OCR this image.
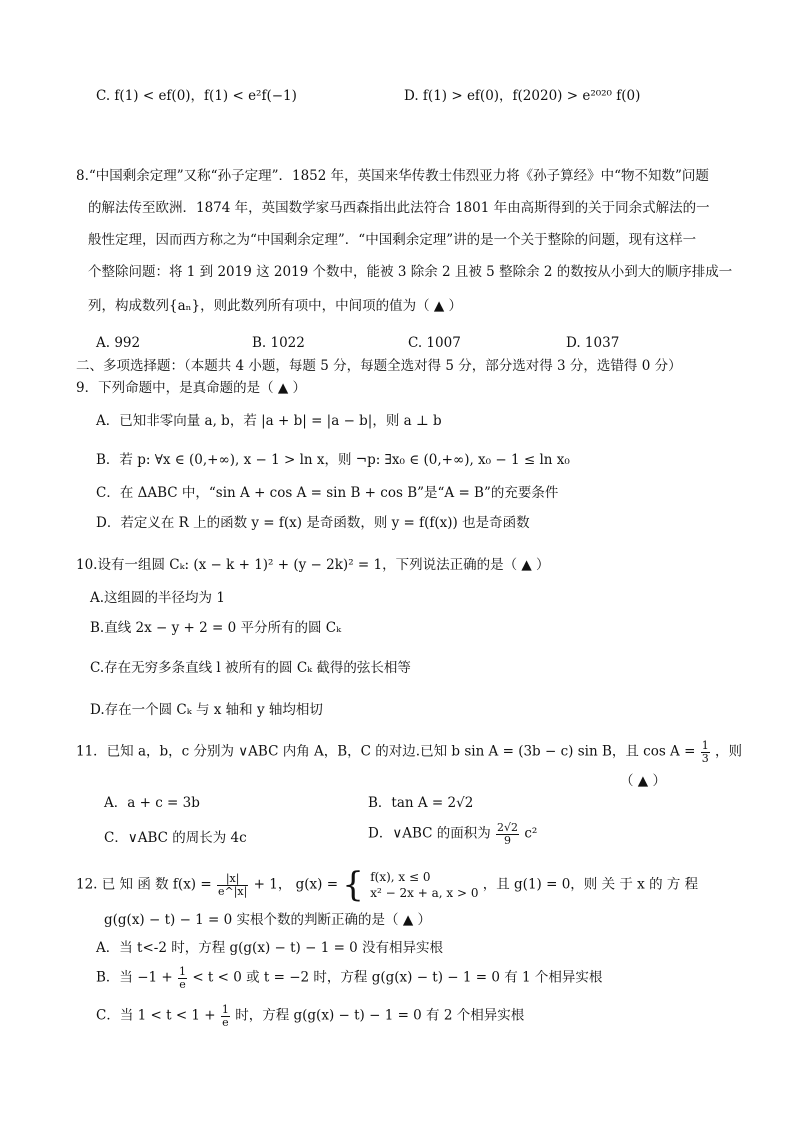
C. f(1) < ef(0)，f(1) < e²f(−1)	D. f(1) > ef(0)，f(2020) > e²⁰²⁰ f(0)
8.“中国剩余定理”又称“孙子定理”．1852 年，英国来华传教士伟烈亚力将《孙子算经》中“物不知数”问题
的解法传至欧洲．1874 年，英国数学家马西森指出此法符合 1801 年由高斯得到的关于同余式解法的一
般性定理，因而西方称之为“中国剩余定理”．“中国剩余定理”讲的是一个关于整除的问题，现有这样一
个整除问题：将 1 到 2019 这 2019 个数中，能被 3 除余 2 且被 5 整除余 2 的数按从小到大的顺序排成一
列，构成数列{aₙ}，则此数列所有项中，中间项的值为（ ▲ ）
A. 992	B. 1022	C. 1007	D. 1037
二、多项选择题：（本题共 4 小题，每题 5 分，每题全选对得 5 分，部分选对得 3 分，选错得 0 分）
9．下列命题中，是真命题的是（ ▲ ）
A．已知非零向量 a, b，若 |a + b| = |a − b|，则 a ⊥ b
B．若 p: ∀x ∈ (0,+∞), x − 1 > ln x，则 ¬p: ∃x₀ ∈ (0,+∞), x₀ − 1 ≤ ln x₀
C．在 ΔABC 中，“sin A + cos A = sin B + cos B”是“A = B”的充要条件
D．若定义在 R 上的函数 y = f(x) 是奇函数，则 y = f(f(x)) 也是奇函数
10.设有一组圆 Cₖ: (x − k + 1)² + (y − 2k)² = 1，下列说法正确的是（ ▲ ）
A.这组圆的半径均为 1
B.直线 2x − y + 2 = 0 平分所有的圆 Cₖ
C.存在无穷多条直线 l 被所有的圆 Cₖ 截得的弦长相等
D.存在一个圆 Cₖ 与 x 轴和 y 轴均相切
11．已知 a，b，c 分别为 ∨ABC 内角 A，B，C 的对边.已知 b sin A = (3b − c) sin B，且 $\cos A = \frac{1}{3}$ ，则
（ ▲ ）
A．a + c = 3b	B．tan A = 2√2
C．∨ABC 的周长为 4c	D．∨ABC 的面积为 $\frac{2√2}{9} c^2$
12. 已 知 函 数 $f(x) = \frac{|x|}{e\^{}|x|} + 1$， g(x) = { f(x), x ≤ 0
x² − 2x + a, x > 0
，且 g(1) = 0，则 关 于 x 的 方 程
g(g(x) − t) − 1 = 0 实根个数的判断正确的是（ ▲ ）
A．当 t<-2 时，方程 g(g(x) − t) − 1 = 0 没有相异实根
B．当 $-1 + \frac{1}{e} < t < 0$ 或 t = −2 时，方程 g(g(x) − t) − 1 = 0 有 1 个相异实根
C．当 $1 < t < 1 + \frac{1}{e}$ 时，方程 g(g(x) − t) − 1 = 0 有 2 个相异实根
